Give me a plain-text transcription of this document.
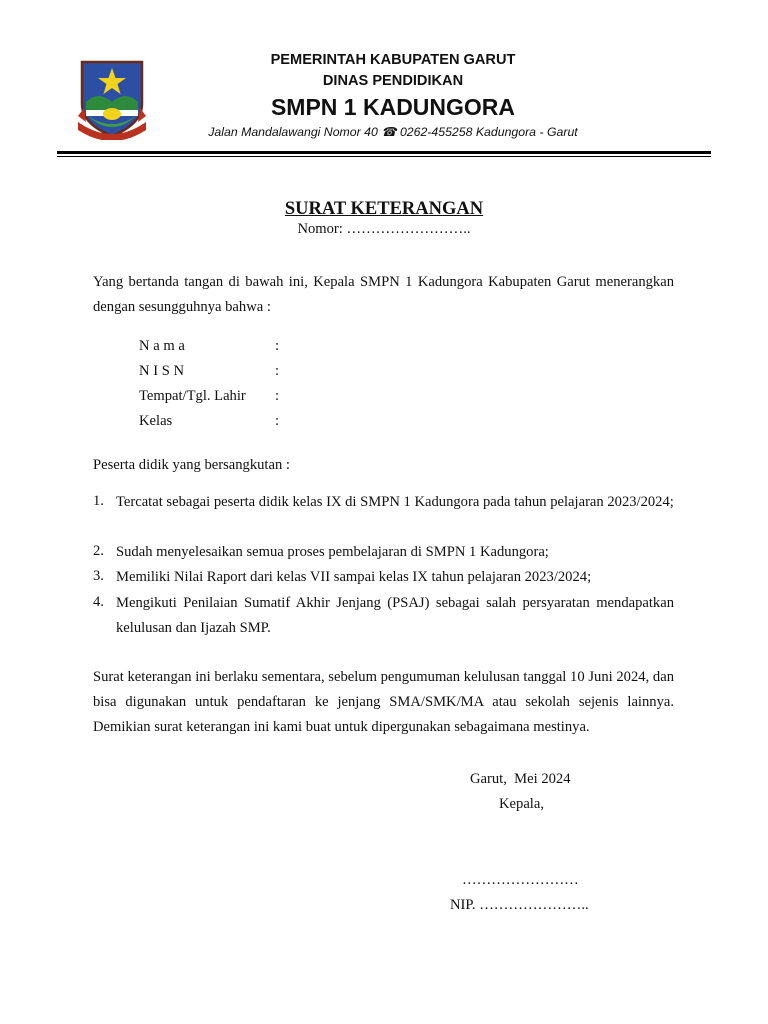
PEMERINTAH KABUPATEN GARUT
DINAS PENDIDIKAN
SMPN 1 KADUNGORA
Jalan Mandalawangi Nomor 40 ☎ 0262-455258 Kadungora - Garut
SURAT KETERANGAN
Nomor: ……………………..
Yang bertanda tangan di bawah ini, Kepala SMPN 1 Kadungora Kabupaten Garut menerangkan dengan sesungguhnya bahwa :
N a m a	:
N I S N	:
Tempat/Tgl. Lahir :
Kelas	:
Peserta didik yang bersangkutan :
1. Tercatat sebagai peserta didik kelas IX di SMPN 1 Kadungora pada tahun pelajaran 2023/2024;
2. Sudah menyelesaikan semua proses pembelajaran di SMPN 1 Kadungora;
3. Memiliki Nilai Raport dari kelas VII sampai kelas IX tahun pelajaran 2023/2024;
4. Mengikuti Penilaian Sumatif Akhir Jenjang (PSAJ) sebagai salah persyaratan mendapatkan kelulusan dan Ijazah SMP.
Surat keterangan ini berlaku sementara, sebelum pengumuman kelulusan tanggal 10 Juni 2024, dan bisa digunakan untuk pendaftaran ke jenjang SMA/SMK/MA atau sekolah sejenis lainnya. Demikian surat keterangan ini kami buat untuk dipergunakan sebagaimana mestinya.
Garut,  Mei 2024
Kepala,
……………………
NIP. …………………..
